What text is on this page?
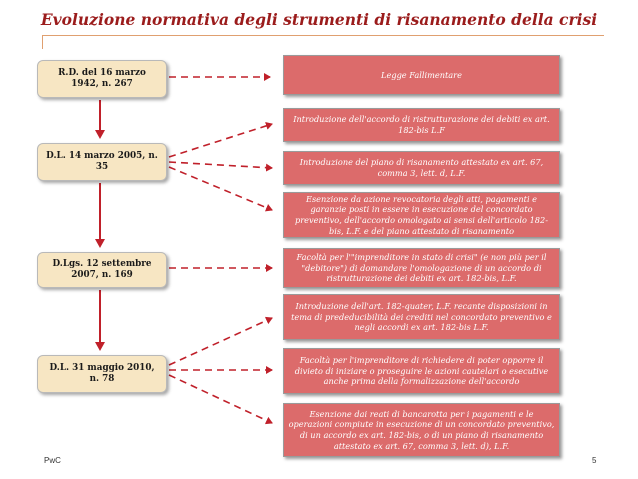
Evoluzione normativa degli strumenti di risanamento della crisi
R.D. del 16 marzo 1942, n. 267
D.L. 14 marzo 2005, n. 35
D.Lgs. 12 settembre 2007, n. 169
D.L. 31 maggio 2010, n. 78
Legge Fallimentare
Introduzione dell'accordo di ristrutturazione dei debiti ex art. 182-bis L.F
Introduzione del piano di risanamento attestato ex art. 67, comma 3, lett. d, L.F.
Esenzione da azione revocatoria degli atti, pagamenti e garanzie posti in essere in esecuzione del concordato preventivo, dell'accordo omologato ai sensi dell'articolo 182-bis, L.F. e del piano attestato di risanamento
Facoltà per l'"imprenditore in stato di crisi" (e non più per il "debitore") di domandare l'omologazione di un accordo di ristrutturazione dei debiti ex art. 182-bis, L.F.
Introduzione dell'art. 182-quater, L.F. recante disposizioni in tema di prededucibilità dei crediti nel concordato preventivo e negli accordi ex art. 182-bis L.F.
Facoltà per l'imprenditore di richiedere di poter opporre il divieto di iniziare o proseguire le azioni cautelari o esecutive anche prima della formalizzazione dell'accordo
Esenzione dai reati di bancarotta per i pagamenti e le operazioni compiute in esecuzione di un concordato preventivo, di un accordo ex art. 182-bis, o di un piano di risanamento attestato ex art. 67, comma 3, lett. d), L.F.
PwC	5
